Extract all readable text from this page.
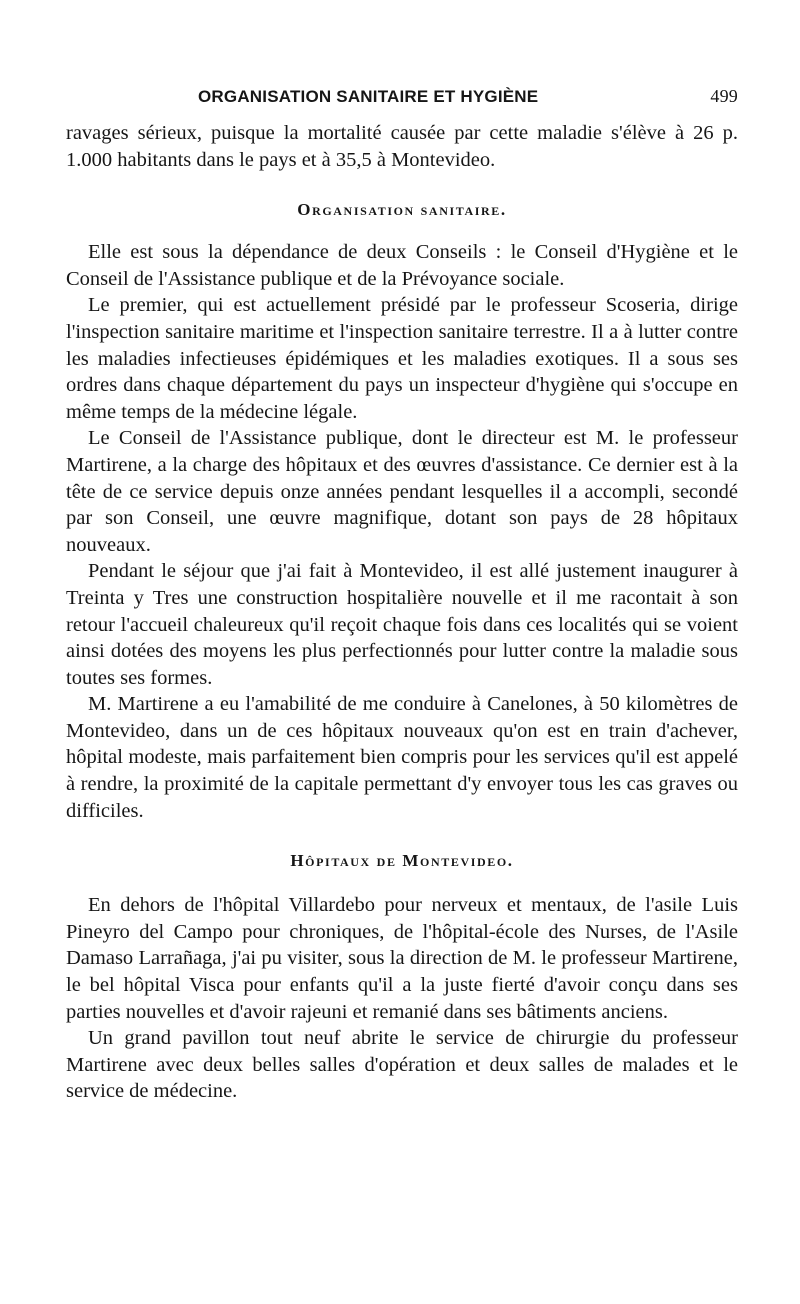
ORGANISATION SANITAIRE ET HYGIÈNE	499

ravages sérieux, puisque la mortalité causée par cette maladie s'élève à 26 p. 1.000 habitants dans le pays et à 35,5 à Montevideo.

Organisation sanitaire.

Elle est sous la dépendance de deux Conseils : le Conseil d'Hygiène et le Conseil de l'Assistance publique et de la Prévoyance sociale.

Le premier, qui est actuellement présidé par le professeur Scoseria, dirige l'inspection sanitaire maritime et l'inspection sanitaire terrestre. Il a à lutter contre les maladies infectieuses épidémiques et les maladies exotiques. Il a sous ses ordres dans chaque département du pays un inspecteur d'hygiène qui s'occupe en même temps de la médecine légale.

Le Conseil de l'Assistance publique, dont le directeur est M. le professeur Martirene, a la charge des hôpitaux et des œuvres d'assistance. Ce dernier est à la tête de ce service depuis onze années pendant lesquelles il a accompli, secondé par son Conseil, une œuvre magnifique, dotant son pays de 28 hôpitaux nouveaux.

Pendant le séjour que j'ai fait à Montevideo, il est allé justement inaugurer à Treinta y Tres une construction hospitalière nouvelle et il me racontait à son retour l'accueil chaleureux qu'il reçoit chaque fois dans ces localités qui se voient ainsi dotées des moyens les plus perfectionnés pour lutter contre la maladie sous toutes ses formes.

M. Martirene a eu l'amabilité de me conduire à Canelones, à 50 kilomètres de Montevideo, dans un de ces hôpitaux nouveaux qu'on est en train d'achever, hôpital modeste, mais parfaitement bien compris pour les services qu'il est appelé à rendre, la proximité de la capitale permettant d'y envoyer tous les cas graves ou difficiles.

Hôpitaux de Montevideo.

En dehors de l'hôpital Villardebo pour nerveux et mentaux, de l'asile Luis Pineyro del Campo pour chroniques, de l'hôpital-école des Nurses, de l'Asile Damaso Larrañaga, j'ai pu visiter, sous la direction de M. le professeur Martirene, le bel hôpital Visca pour enfants qu'il a la juste fierté d'avoir conçu dans ses parties nouvelles et d'avoir rajeuni et remanié dans ses bâtiments anciens.

Un grand pavillon tout neuf abrite le service de chirurgie du professeur Martirene avec deux belles salles d'opération et deux salles de malades et le service de médecine.
